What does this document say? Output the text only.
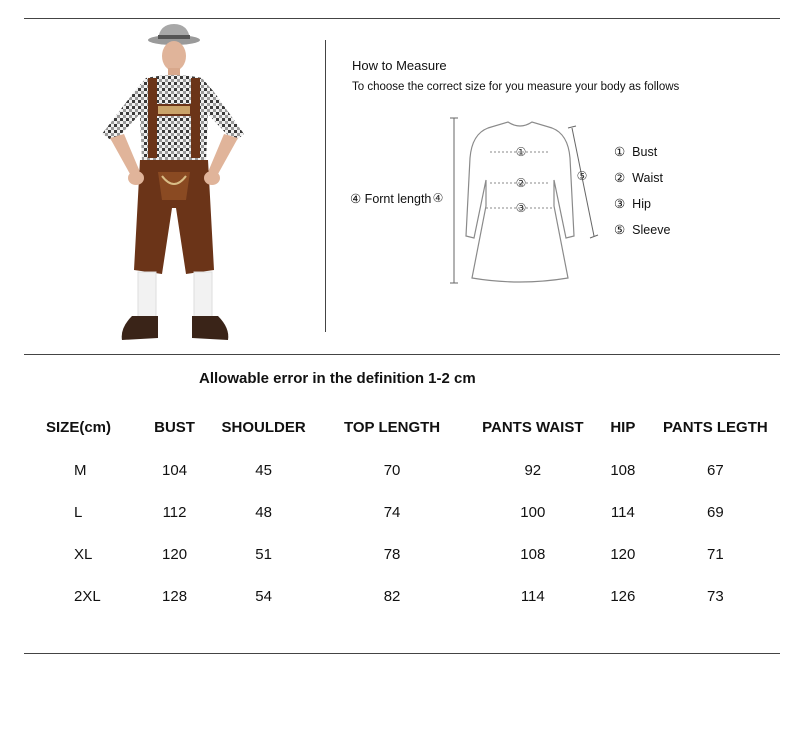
How to Measure
To choose the correct size for you measure your body as follows
④ Fornt length
①
②
③
④
⑤
① Bust
② Waist
③ Hip
⑤ Sleeve
Allowable error in the definition 1-2 cm
SIZE(cm)	BUST	SHOULDER	TOP LENGTH	PANTS WAIST	HIP	PANTS LEGTH
M	104	45	70	92	108	67
L	112	48	74	100	114	69
XL	120	51	78	108	120	71
2XL	128	54	82	114	126	73
